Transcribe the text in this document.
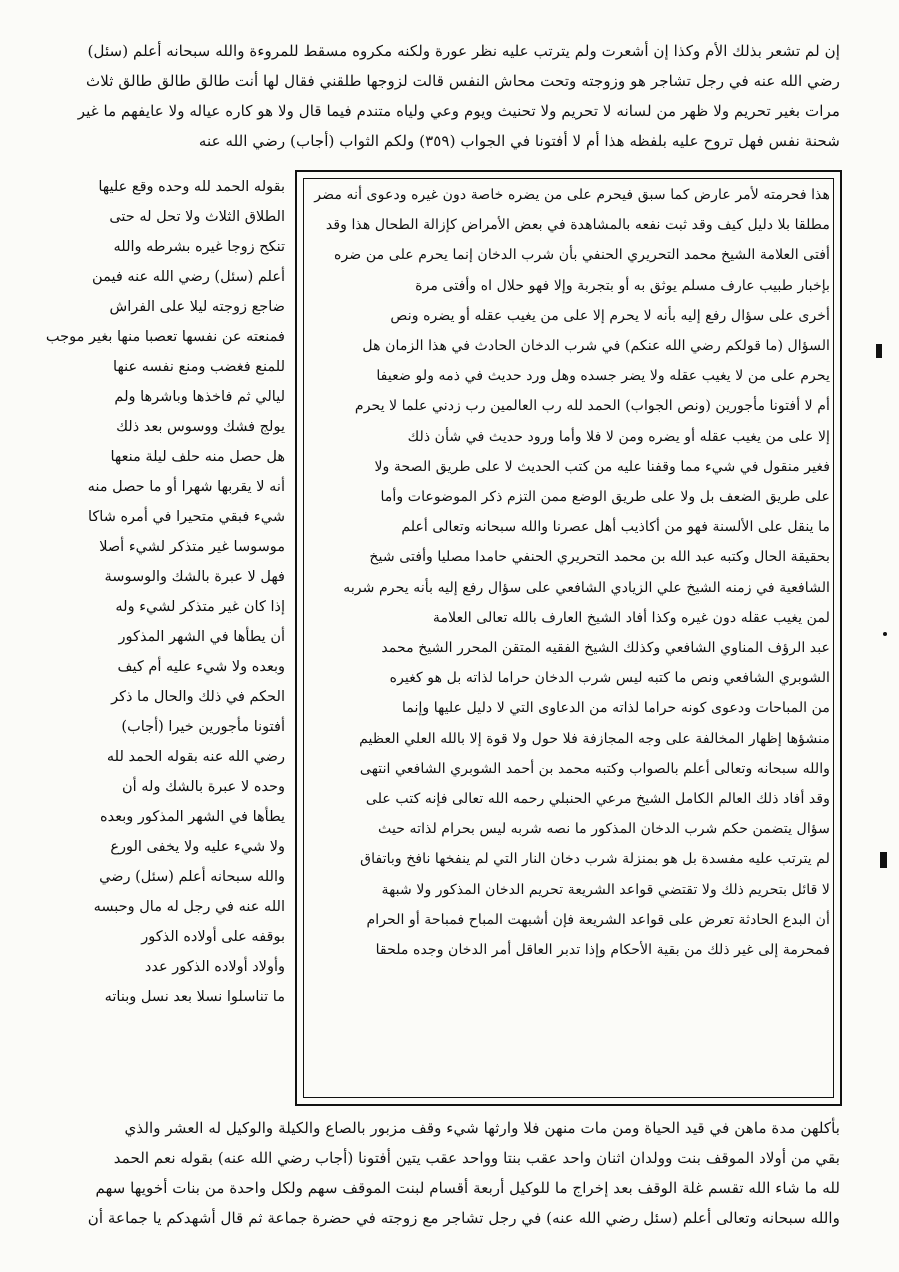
إن لم تشعر بذلك الأم وكذا إن أشعرت ولم يترتب عليه نظر عورة ولكنه مكروه مسقط للمروءة والله سبحانه أعلم (سئل)
رضي الله عنه في رجل تشاجر هو وزوجته وتحت محاش النفس قالت لزوجها طلقني فقال لها أنت طالق طالق طالق ثلاث
مرات بغير تحريم ولا ظهر من لسانه لا تحريم ولا تحنيث ويوم وعي ولياه متندم فيما قال ولا هو كاره عياله ولا عايفهم ما غير
شحنة نفس فهل تروح عليه بلفظه هذا أم لا أفتونا في الجواب (٣٥٩) ولكم الثواب (أجاب) رضي الله عنه
بقوله الحمد لله وحده وقع عليها
الطلاق الثلاث ولا تحل له حتى
تنكح زوجا غيره بشرطه والله
أعلم (سئل) رضي الله عنه فيمن
ضاجع زوجته ليلا على الفراش
فمنعته عن نفسها تعصبا منها بغير موجب
للمنع فغضب ومنع نفسه عنها
ليالي ثم فاخذها وباشرها ولم
يولج فشك ووسوس بعد ذلك
هل حصل منه حلف ليلة منعها
أنه لا يقربها شهرا أو ما حصل منه
شيء فبقي متحيرا في أمره شاكا
موسوسا غير متذكر لشيء أصلا
فهل لا عبرة بالشك والوسوسة
إذا كان غير متذكر لشيء وله
أن يطأها في الشهر المذكور
وبعده ولا شيء عليه أم كيف
الحكم في ذلك والحال ما ذكر
أفتونا مأجورين خيرا (أجاب)
رضي الله عنه بقوله الحمد لله
وحده لا عبرة بالشك وله أن
يطأها في الشهر المذكور وبعده
ولا شيء عليه ولا يخفى الورع
والله سبحانه أعلم (سئل) رضي
الله عنه في رجل له مال وحبسه
بوقفه على أولاده الذكور
وأولاد أولاده الذكور عدد
ما تناسلوا نسلا بعد نسل وبناته
هذا فحرمته لأمر عارض كما سبق فيحرم على من يضره خاصة دون غيره ودعوى أنه مضر
مطلقا بلا دليل كيف وقد ثبت نفعه بالمشاهدة في بعض الأمراض كإزالة الطحال هذا وقد
أفتى العلامة الشيخ محمد التحريري الحنفي بأن شرب الدخان إنما يحرم على من ضره
بإخبار طبيب عارف مسلم يوثق به أو بتجربة وإلا فهو حلال اه وأفتى مرة
أخرى على سؤال رفع إليه بأنه لا يحرم إلا على من يغيب عقله أو يضره ونص
السؤال (ما قولكم رضي الله عنكم) في شرب الدخان الحادث في هذا الزمان هل
يحرم على من لا يغيب عقله ولا يضر جسده وهل ورد حديث في ذمه ولو ضعيفا
أم لا أفتونا مأجورين (ونص الجواب) الحمد لله رب العالمين رب زدني علما لا يحرم
إلا على من يغيب عقله أو يضره ومن لا فلا وأما ورود حديث في شأن ذلك
فغير منقول في شيء مما وقفنا عليه من كتب الحديث لا على طريق الصحة ولا
على طريق الضعف بل ولا على طريق الوضع ممن التزم ذكر الموضوعات وأما
ما ينقل على الألسنة فهو من أكاذيب أهل عصرنا والله سبحانه وتعالى أعلم
بحقيقة الحال وكتبه عبد الله بن محمد التحريري الحنفي حامدا مصليا وأفتى شيخ
الشافعية في زمنه الشيخ علي الزيادي الشافعي على سؤال رفع إليه بأنه يحرم شربه
لمن يغيب عقله دون غيره وكذا أفاد الشيخ العارف بالله تعالى العلامة
عبد الرؤف المناوي الشافعي وكذلك الشيخ الفقيه المتقن المحرر الشيخ محمد
الشوبري الشافعي ونص ما كتبه ليس شرب الدخان حراما لذاته بل هو كغيره
من المباحات ودعوى كونه حراما لذاته من الدعاوى التي لا دليل عليها وإنما
منشؤها إظهار المخالفة على وجه المجازفة فلا حول ولا قوة إلا بالله العلي العظيم
والله سبحانه وتعالى أعلم بالصواب وكتبه محمد بن أحمد الشوبري الشافعي انتهى
وقد أفاد ذلك العالم الكامل الشيخ مرعي الحنبلي رحمه الله تعالى فإنه كتب على
سؤال يتضمن حكم شرب الدخان المذكور ما نصه شربه ليس بحرام لذاته حيث
لم يترتب عليه مفسدة بل هو بمنزلة شرب دخان النار التي لم ينفخها نافخ وباتفاق
لا قائل بتحريم ذلك ولا تقتضي قواعد الشريعة تحريم الدخان المذكور ولا شبهة
أن البدع الحادثة تعرض على قواعد الشريعة فإن أشبهت المباح فمباحة أو الحرام
فمحرمة إلى غير ذلك من بقية الأحكام وإذا تدبر العاقل أمر الدخان وجده ملحقا
بأكلهن مدة ماهن في قيد الحياة ومن مات منهن فلا وارثها شيء وقف مزبور بالصاع والكيلة والوكيل له العشر والذي
بقي من أولاد الموقف بنت وولدان اثنان واحد عقب بنتا وواحد عقب يتين أفتونا (أجاب رضي الله عنه) بقوله نعم الحمد
لله ما شاء الله تقسم غلة الوقف بعد إخراج ما للوكيل أربعة أقسام لبنت الموقف سهم ولكل واحدة من بنات أخويها سهم
والله سبحانه وتعالى أعلم (سئل رضي الله عنه) في رجل تشاجر مع زوجته في حضرة جماعة ثم قال أشهدكم يا جماعة أن
